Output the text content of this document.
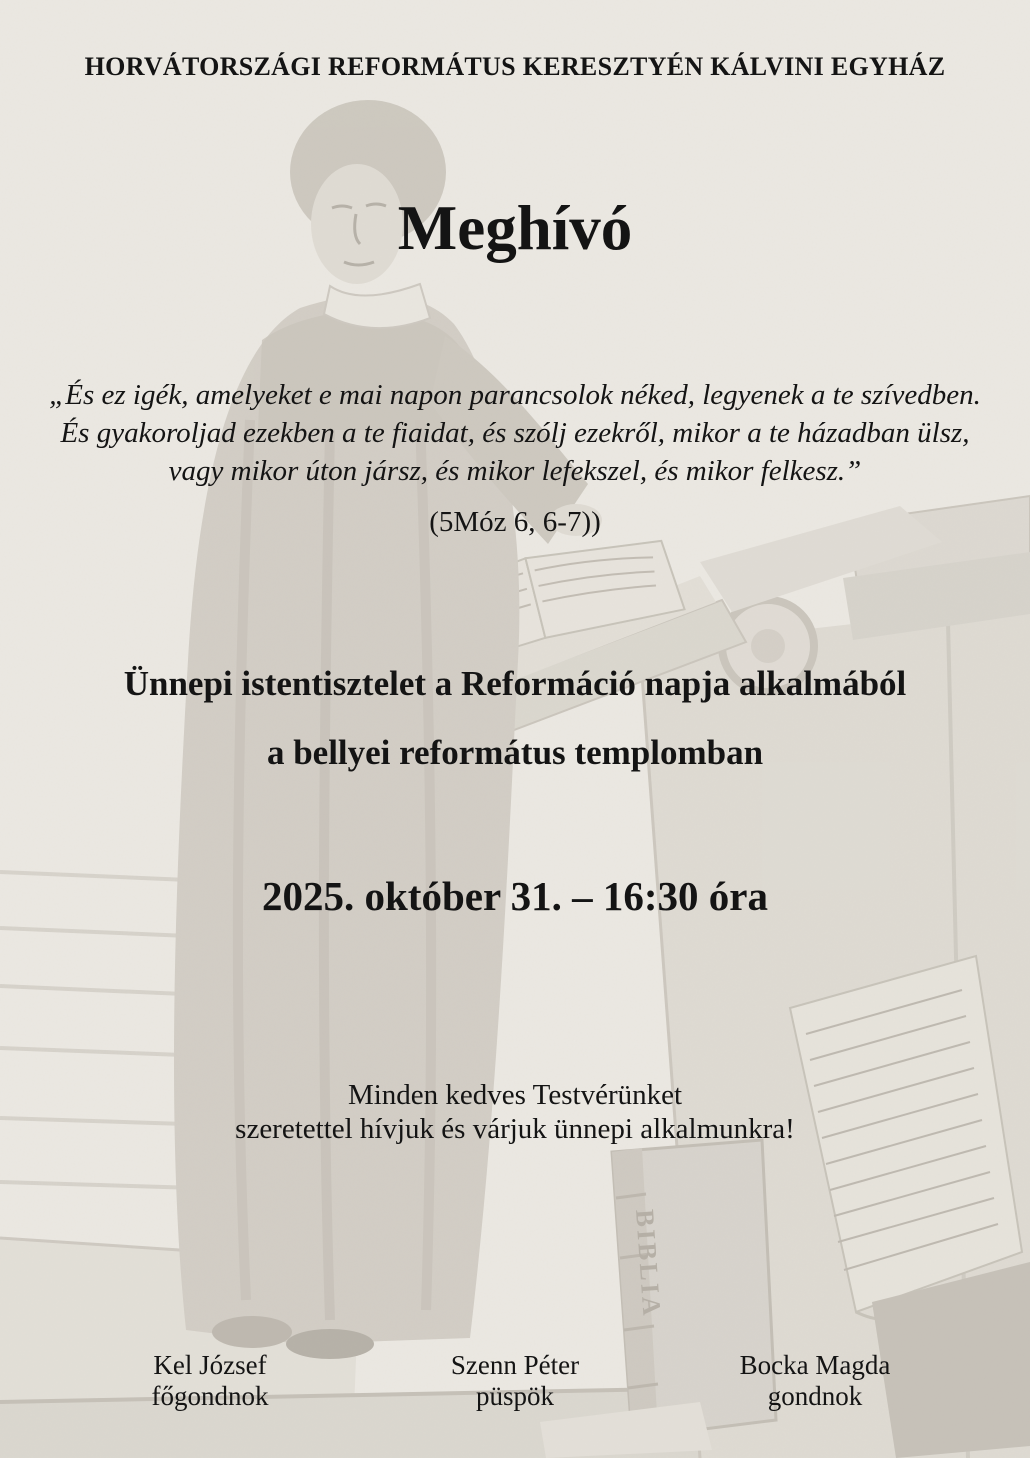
HORVÁTORSZÁGI REFORMÁTUS KERESZTYÉN KÁLVINI EGYHÁZ
Meghívó
„És ez igék, amelyeket e mai napon parancsolok néked, legyenek a te szívedben.
És gyakoroljad ezekben a te fiaidat, és szólj ezekről, mikor a te házadban ülsz,
vagy mikor úton jársz, és mikor lefekszel, és mikor felkesz.”
(5Móz 6, 6-7))
Ünnepi istentisztelet a Reformáció napja alkalmából
a bellyei református templomban
2025. október 31. – 16:30 óra
Minden kedves Testvérünket
szeretettel hívjuk és várjuk ünnepi alkalmunkra!
Kel József
főgondnok
Szenn Péter
püspök
Bocka Magda
gondnok
